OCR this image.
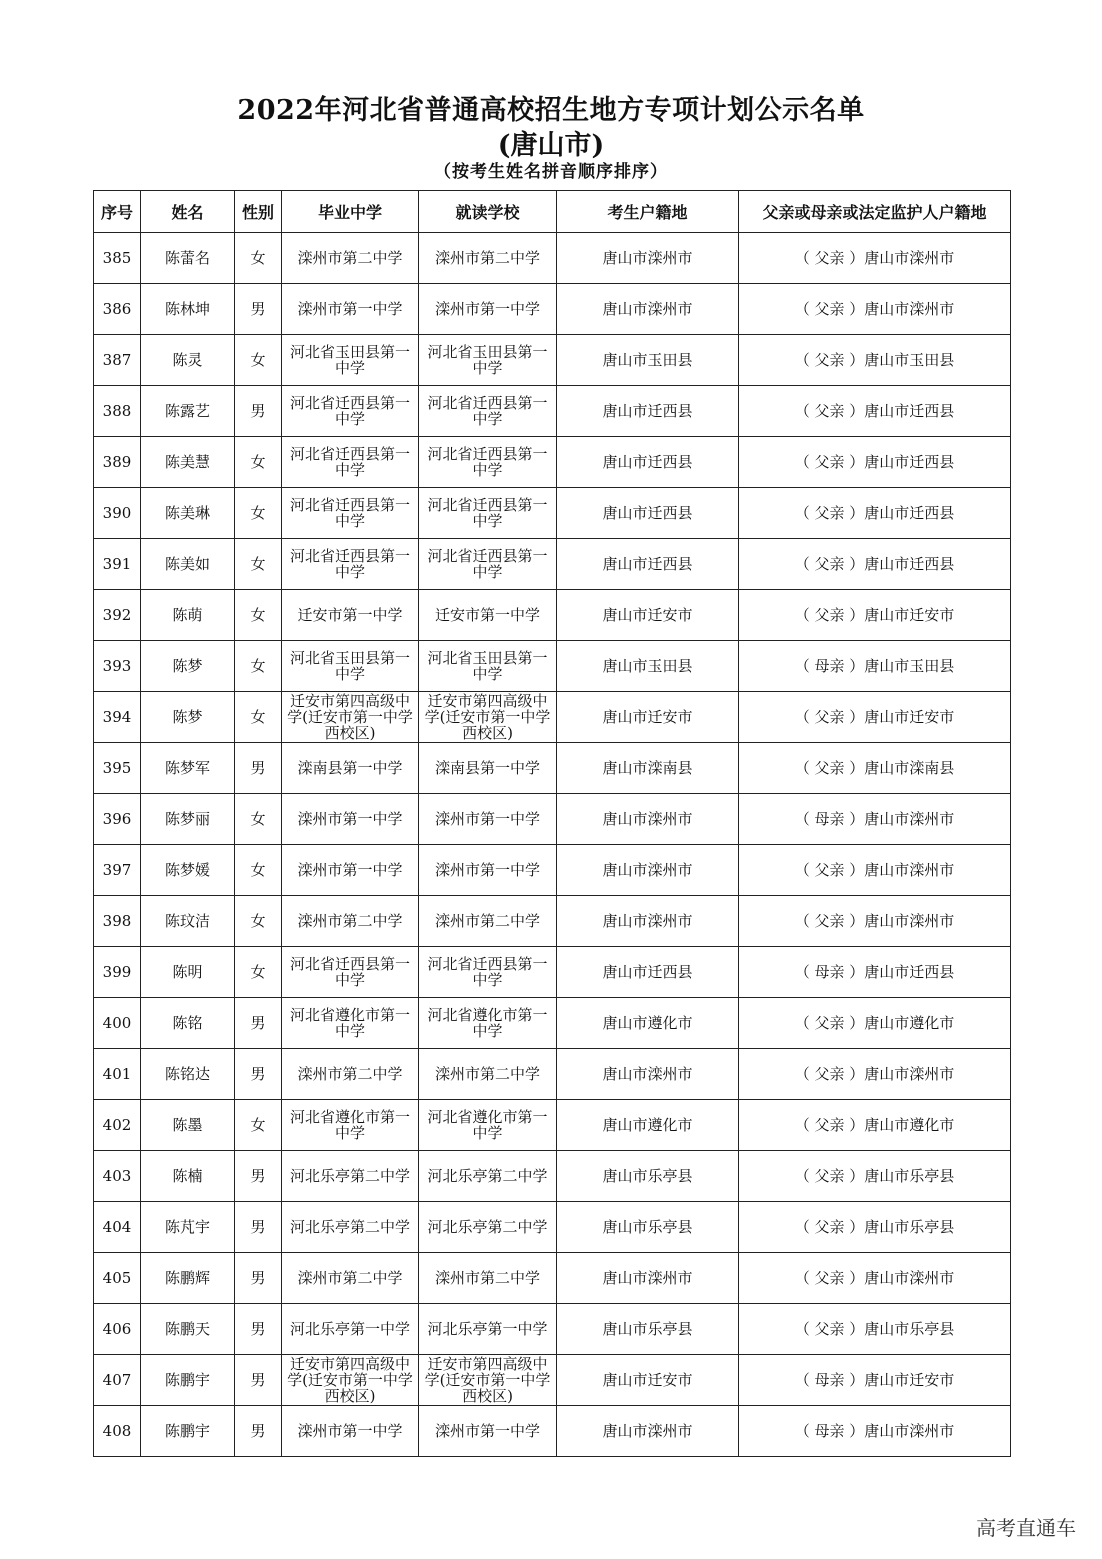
2022年河北省普通高校招生地方专项计划公示名单
(唐山市)
（按考生姓名拼音顺序排序）
序号	姓名	性别	毕业中学	就读学校	考生户籍地	父亲或母亲或法定监护人户籍地
385	陈蕾名	女	滦州市第二中学	滦州市第二中学	唐山市滦州市	（ 父亲 ）唐山市滦州市
386	陈林坤	男	滦州市第一中学	滦州市第一中学	唐山市滦州市	（ 父亲 ）唐山市滦州市
387	陈灵	女	河北省玉田县第一中学	河北省玉田县第一中学	唐山市玉田县	（ 父亲 ）唐山市玉田县
388	陈露艺	男	河北省迁西县第一中学	河北省迁西县第一中学	唐山市迁西县	（ 父亲 ）唐山市迁西县
389	陈美慧	女	河北省迁西县第一中学	河北省迁西县第一中学	唐山市迁西县	（ 父亲 ）唐山市迁西县
390	陈美琳	女	河北省迁西县第一中学	河北省迁西县第一中学	唐山市迁西县	（ 父亲 ）唐山市迁西县
391	陈美如	女	河北省迁西县第一中学	河北省迁西县第一中学	唐山市迁西县	（ 父亲 ）唐山市迁西县
392	陈萌	女	迁安市第一中学	迁安市第一中学	唐山市迁安市	（ 父亲 ）唐山市迁安市
393	陈梦	女	河北省玉田县第一中学	河北省玉田县第一中学	唐山市玉田县	（ 母亲 ）唐山市玉田县
394	陈梦	女	迁安市第四高级中学(迁安市第一中学西校区)	迁安市第四高级中学(迁安市第一中学西校区)	唐山市迁安市	（ 父亲 ）唐山市迁安市
395	陈梦军	男	滦南县第一中学	滦南县第一中学	唐山市滦南县	（ 父亲 ）唐山市滦南县
396	陈梦丽	女	滦州市第一中学	滦州市第一中学	唐山市滦州市	（ 母亲 ）唐山市滦州市
397	陈梦媛	女	滦州市第一中学	滦州市第一中学	唐山市滦州市	（ 父亲 ）唐山市滦州市
398	陈玟洁	女	滦州市第二中学	滦州市第二中学	唐山市滦州市	（ 父亲 ）唐山市滦州市
399	陈明	女	河北省迁西县第一中学	河北省迁西县第一中学	唐山市迁西县	（ 母亲 ）唐山市迁西县
400	陈铭	男	河北省遵化市第一中学	河北省遵化市第一中学	唐山市遵化市	（ 父亲 ）唐山市遵化市
401	陈铭达	男	滦州市第二中学	滦州市第二中学	唐山市滦州市	（ 父亲 ）唐山市滦州市
402	陈墨	女	河北省遵化市第一中学	河北省遵化市第一中学	唐山市遵化市	（ 父亲 ）唐山市遵化市
403	陈楠	男	河北乐亭第二中学	河北乐亭第二中学	唐山市乐亭县	（ 父亲 ）唐山市乐亭县
404	陈芃宇	男	河北乐亭第二中学	河北乐亭第二中学	唐山市乐亭县	（ 父亲 ）唐山市乐亭县
405	陈鹏辉	男	滦州市第二中学	滦州市第二中学	唐山市滦州市	（ 父亲 ）唐山市滦州市
406	陈鹏天	男	河北乐亭第一中学	河北乐亭第一中学	唐山市乐亭县	（ 父亲 ）唐山市乐亭县
407	陈鹏宇	男	迁安市第四高级中学(迁安市第一中学西校区)	迁安市第四高级中学(迁安市第一中学西校区)	唐山市迁安市	（ 母亲 ）唐山市迁安市
408	陈鹏宇	男	滦州市第一中学	滦州市第一中学	唐山市滦州市	（ 母亲 ）唐山市滦州市
高考直通车
